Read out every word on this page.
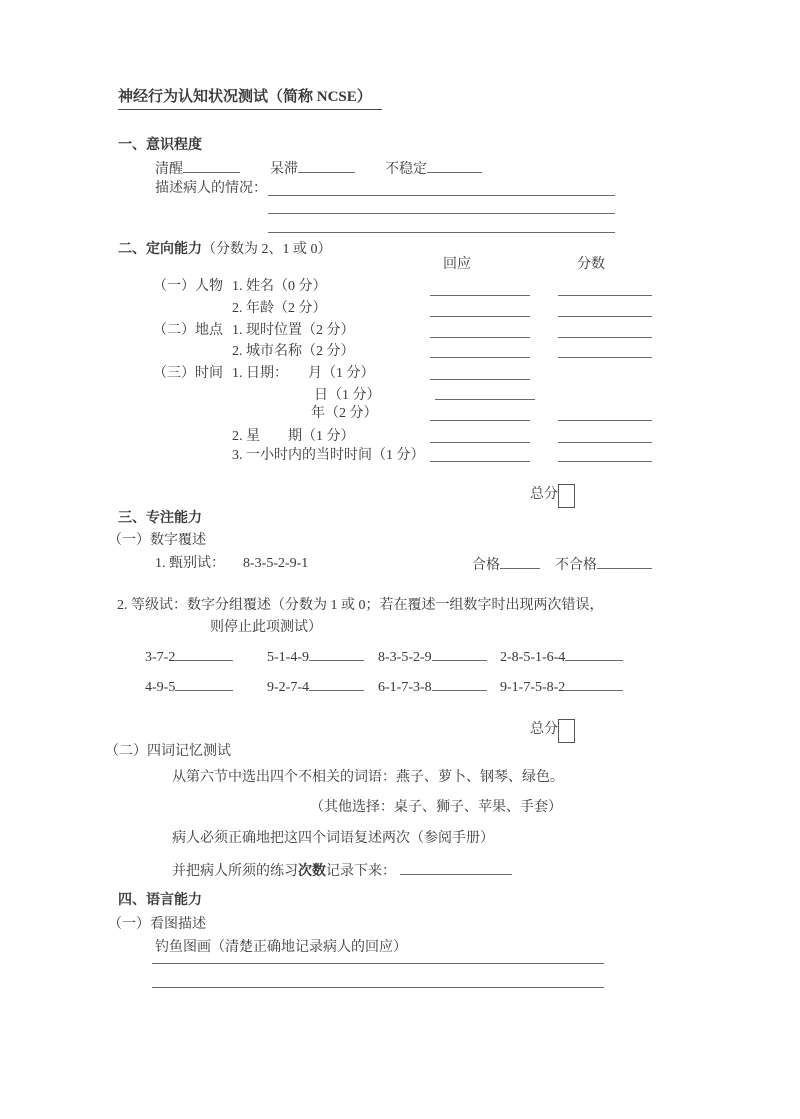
神经行为认知状况测试（简称 NCSE）
一、意识程度
清醒	呆滞	不稳定
描述病人的情况：
二、定向能力（分数为 2、1 或 0）
回应	分数
（一）人物 1. 姓名（0 分）
2. 年龄（2 分）
（二）地点 1. 现时位置（2 分）
2. 城市名称（2 分）
（三）时间 1. 日期： 月（1 分）
日（1 分）
年（2 分）
2. 星　　期（1 分）
3. 一小时内的当时时间（1 分）
总分
三、专注能力
（一）数字覆述
1. 甄别试： 8-3-5-2-9-1	合格	不合格
2. 等级试：数字分组覆述（分数为 1 或 0；若在覆述一组数字时出现两次错误，
则停止此项测试）
3-7-2	5-1-4-9	8-3-5-2-9	2-8-5-1-6-4
4-9-5	9-2-7-4	6-1-7-3-8	9-1-7-5-8-2
总分
（二）四词记忆测试
从第六节中选出四个不相关的词语：燕子、萝卜、钢琴、绿色。
（其他选择：桌子、狮子、苹果、手套）
病人必须正确地把这四个词语复述两次（参阅手册）
并把病人所须的练习次数记录下来：
四、语言能力
（一）看图描述
钓鱼图画（清楚正确地记录病人的回应）
